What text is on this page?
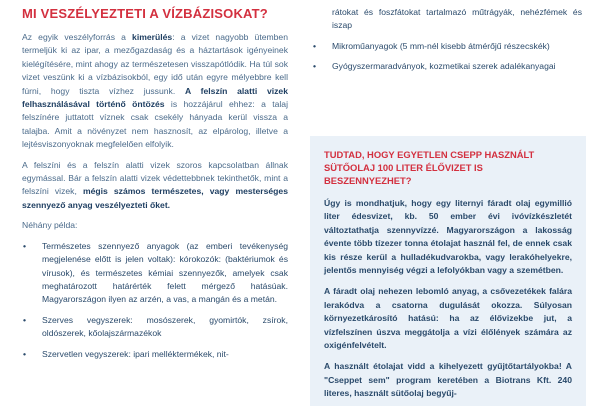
MI VESZÉLYEZTETI A VÍZBÁZISOKAT?

Az egyik veszélyforrás a kimerülés: a vizet nagyobb ütemben termeljük ki az ipar, a mezőgazdaság és a háztartások igényeinek kielégítésére, mint ahogy az természetesen visszapótlódik. Ha túl sok vizet veszünk ki a vízbázisokból, egy idő után egyre mélyebbre kell fúrni, hogy tiszta vízhez jussunk. A felszín alatti vizek felhasználásával történő öntözés is hozzájárul ehhez: a talaj felszínére juttatott víznek csak csekély hányada kerül vissza a talajba. Amit a növényzet nem hasznosít, az elpárolog, illetve a lejtésviszonyoknak megfelelően elfolyik.

A felszíni és a felszín alatti vizek szoros kapcsolatban állnak egymással. Bár a felszín alatti vizek védettebbnek tekinthetők, mint a felszíni vizek, mégis számos természetes, vagy mesterséges szennyező anyag veszélyezteti őket.

Néhány példa:

• Természetes szennyező anyagok (az emberi tevékenység megjelenése előtt is jelen voltak): kórokozók: (baktériumok és vírusok), és természetes kémiai szennyezők, amelyek csak meghatározott határérték felett mérgező hatásúak. Magyarországon ilyen az arzén, a vas, a mangán és a metán.
• Szerves vegyszerek: mosószerek, gyomirtók, zsírok, oldószerek, kőolajszármazékok
• Szervetlen vegyszerek: ipari melléktermékek, nit-
rátokat és foszfátokat tartalmazó műtrágyák, nehézfémek és iszap
• Mikroműanyagok (5 mm-nél kisebb átmérőjű részecskék)
• Gyógyszermaradványok, kozmetikai szerek adalékanyagai
TUDTAD, HOGY EGYETLEN CSEPP HASZNÁLT SÜTŐOLAJ 100 LITER ÉLŐVIZET IS BESZENNYEZHET?

Úgy is mondhatjuk, hogy egy liternyi fáradt olaj egymillió liter édesvizet, kb. 50 ember évi ivóvízkészletét változtathatja szennyvízzé. Magyarországon a lakosság évente több tízezer tonna étolajat használ fel, de ennek csak kis része kerül a hulladékudvarokba, vagy lerakóhelyekre, jelentős mennyiség végzi a lefolyókban vagy a szemétben.

A fáradt olaj nehezen lebomló anyag, a csővezetékek falára lerakódva a csatorna dugulását okozza. Súlyosan környezetkárosító hatású: ha az élővizekbe jut, a vízfelszínen úszva meggátolja a vízi élőlények számára az oxigénfelvételt.

A használt étolajat vidd a kihelyezett gyűjtőtartályokba! A "Cseppet sem" program keretében a Biotrans Kft. 240 literes, használt sütőolaj begyűj-
